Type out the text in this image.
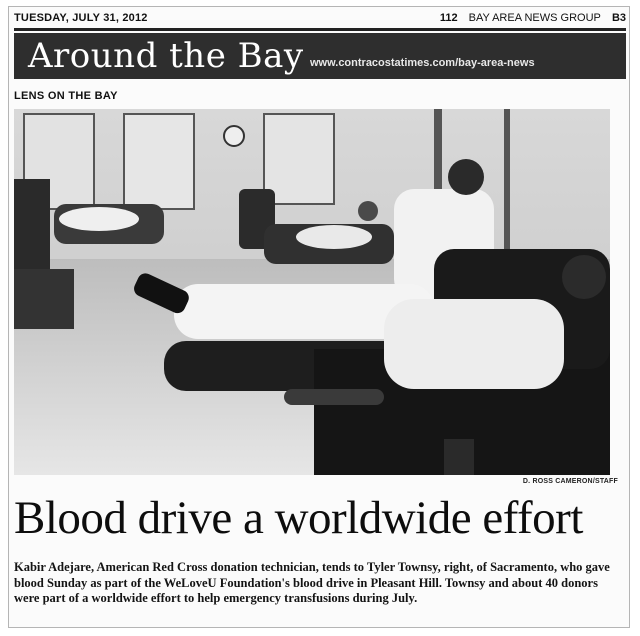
TUESDAY, JULY 31, 2012	112 BAY AREA NEWS GROUP B3
Around the Bay www.contracostatimes.com/bay-area-news
LENS ON THE BAY
D. ROSS CAMERON/STAFF
Blood drive a worldwide effort
Kabir Adejare, American Red Cross donation technician, tends to Tyler Townsy, right, of Sacramento, who gave blood Sunday as part of the WeLoveU Foundation's blood drive in Pleasant Hill. Townsy and about 40 donors were part of a worldwide effort to help emergency transfusions during July.
